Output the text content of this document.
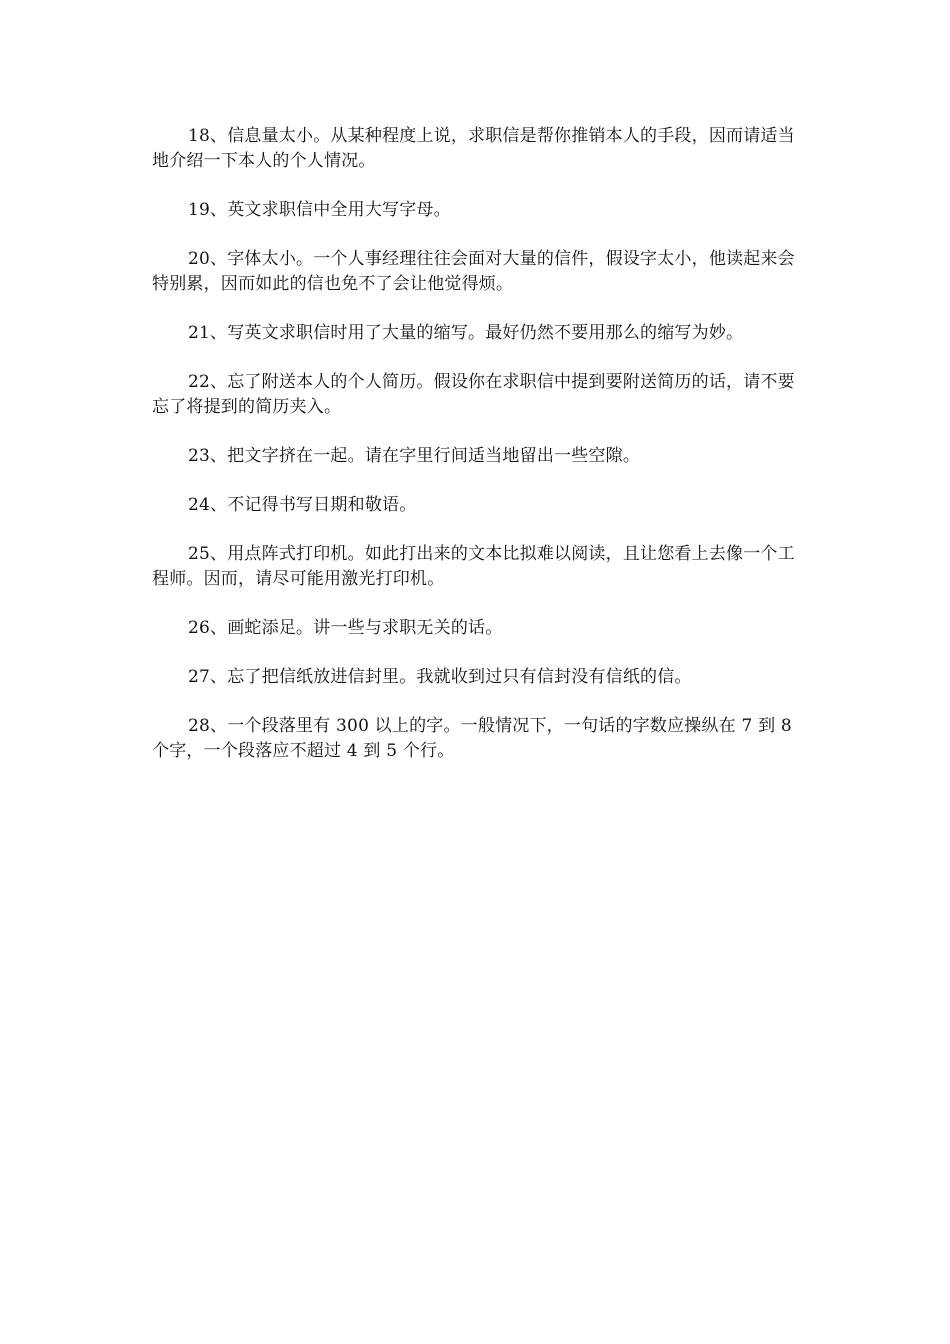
18、信息量太小。从某种程度上说，求职信是帮你推销本人的手段，因而请适当地介绍一下本人的个人情况。

19、英文求职信中全用大写字母。

20、字体太小。一个人事经理往往会面对大量的信件，假设字太小，他读起来会特别累，因而如此的信也免不了会让他觉得烦。

21、写英文求职信时用了大量的缩写。最好仍然不要用那么的缩写为妙。

22、忘了附送本人的个人简历。假设你在求职信中提到要附送简历的话，请不要忘了将提到的简历夹入。

23、把文字挤在一起。请在字里行间适当地留出一些空隙。

24、不记得书写日期和敬语。

25、用点阵式打印机。如此打出来的文本比拟难以阅读，且让您看上去像一个工程师。因而，请尽可能用激光打印机。

26、画蛇添足。讲一些与求职无关的话。

27、忘了把信纸放进信封里。我就收到过只有信封没有信纸的信。

28、一个段落里有 300 以上的字。一般情况下，一句话的字数应操纵在 7 到 8 个字，一个段落应不超过 4 到 5 个行。
